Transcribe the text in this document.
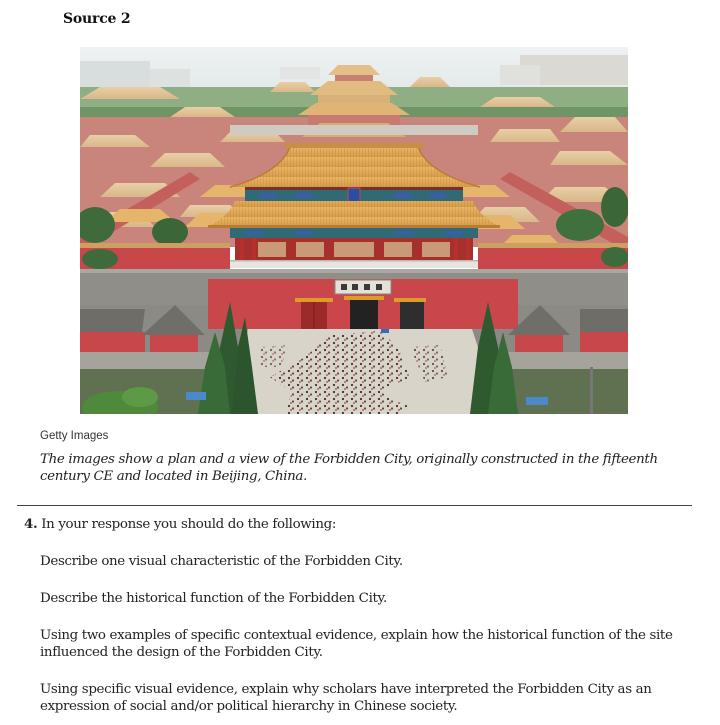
Source 2
Getty Images
The images show a plan and a view of the Forbidden City, originally constructed in the fifteenth century CE and located in Beijing, China.

4. In your response you should do the following:

Describe one visual characteristic of the Forbidden City.
Describe the historical function of the Forbidden City.
Using two examples of specific contextual evidence, explain how the historical function of the site influenced the design of the Forbidden City.
Using specific visual evidence, explain why scholars have interpreted the Forbidden City as an expression of social and/or political hierarchy in Chinese society.
